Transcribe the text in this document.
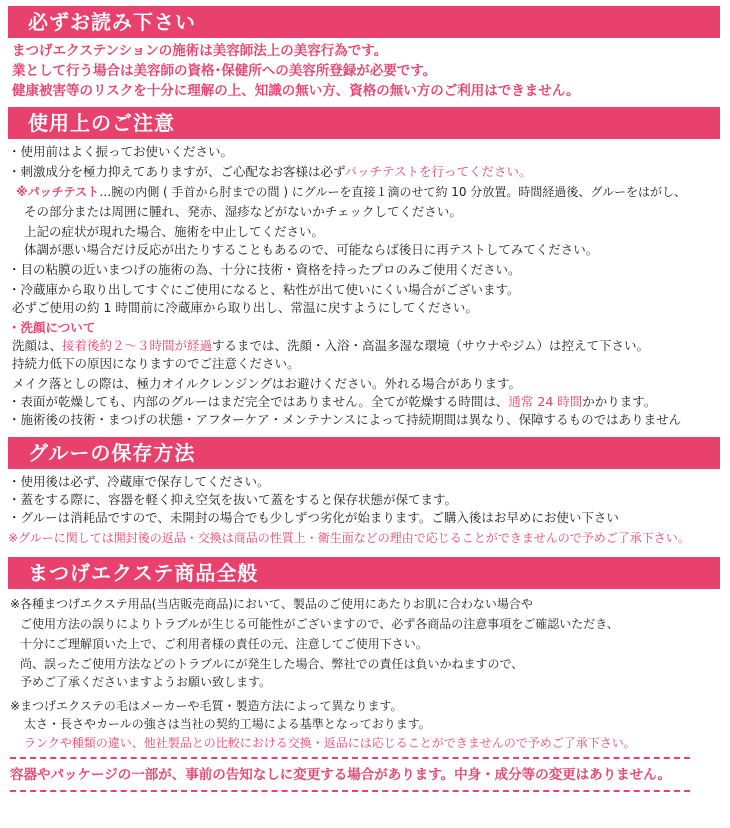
必ずお読み下さい
まつげエクステンションの施術は美容師法上の美容行為です。
業として行う場合は美容師の資格･保健所への美容所登録が必要です。
健康被害等のリスクを十分に理解の上、知識の無い方、資格の無い方のご利用はできません。
使用上のご注意
・使用前はよく振ってお使いください。
・刺激成分を極力抑えてありますが、ご心配なお客様は必ずパッチテストを行ってください。
※パッチテスト…腕の内側 ( 手首から肘までの間 ) にグルーを直接１滴のせて約 10 分放置。時間経過後、グルーをはがし、
その部分または周囲に腫れ、発赤、湿疹などがないかチェックしてください。
上記の症状が現れた場合、施術を中止してください。
体調が悪い場合だけ反応が出たりすることもあるので、可能ならば後日に再テストしてみてください。
・目の粘膜の近いまつげの施術の為、十分に技術・資格を持ったプロのみご使用ください。
・冷蔵庫から取り出してすぐにご使用になると、粘性が出て使いにくい場合がございます。
必ずご使用の約 1 時間前に冷蔵庫から取り出し、常温に戻すようにしてください。
・洗顔について
洗顔は、接着後約２～３時間が経過するまでは、洗顔・入浴・高温多湿な環境（サウナやジム）は控えて下さい。
持続力低下の原因になりますのでご注意ください。
メイク落としの際は、極力オイルクレンジングはお避けください。外れる場合があります。
・表面が乾燥しても、内部のグルーはまだ完全ではありません。全てが乾燥する時間は、通常 24 時間かかります。
・施術後の技術・まつげの状態・アフターケア・メンテナンスによって持続期間は異なり、保障するものではありません
グルーの保存方法
・使用後は必ず、冷蔵庫で保存してください。
・蓋をする際に、容器を軽く抑え空気を抜いて蓋をすると保存状態が保てます。
・グルーは消耗品ですので、未開封の場合でも少しずつ劣化が始まります。ご購入後はお早めにお使い下さい
※グルーに関しては開封後の返品・交換は商品の性質上・衛生面などの理由で応じることができませんので予めご了承下さい。
まつげエクステ商品全般
※各種まつげエクステ用品(当店販売商品)において、製品のご使用にあたりお肌に合わない場合や
ご使用方法の誤りによりトラブルが生じる可能性がございますので、必ず各商品の注意事項をご確認いただき、
十分にご理解頂いた上で、ご利用者様の責任の元、注意してご使用下さい。
尚、誤ったご使用方法などのトラブルにが発生した場合、弊社での責任は負いかねますので、
予めご了承くださいますようお願い致します。
※まつげエクステの毛はメーカーや毛質・製造方法によって異なります。
太さ・長さやカールの強さは当社の契約工場による基準となっております。
ランクや種類の違い、他社製品との比較における交換・返品には応じることができませんので予めご了承下さい。
容器やパッケージの一部が、事前の告知なしに変更する場合があります。中身・成分等の変更はありません。
